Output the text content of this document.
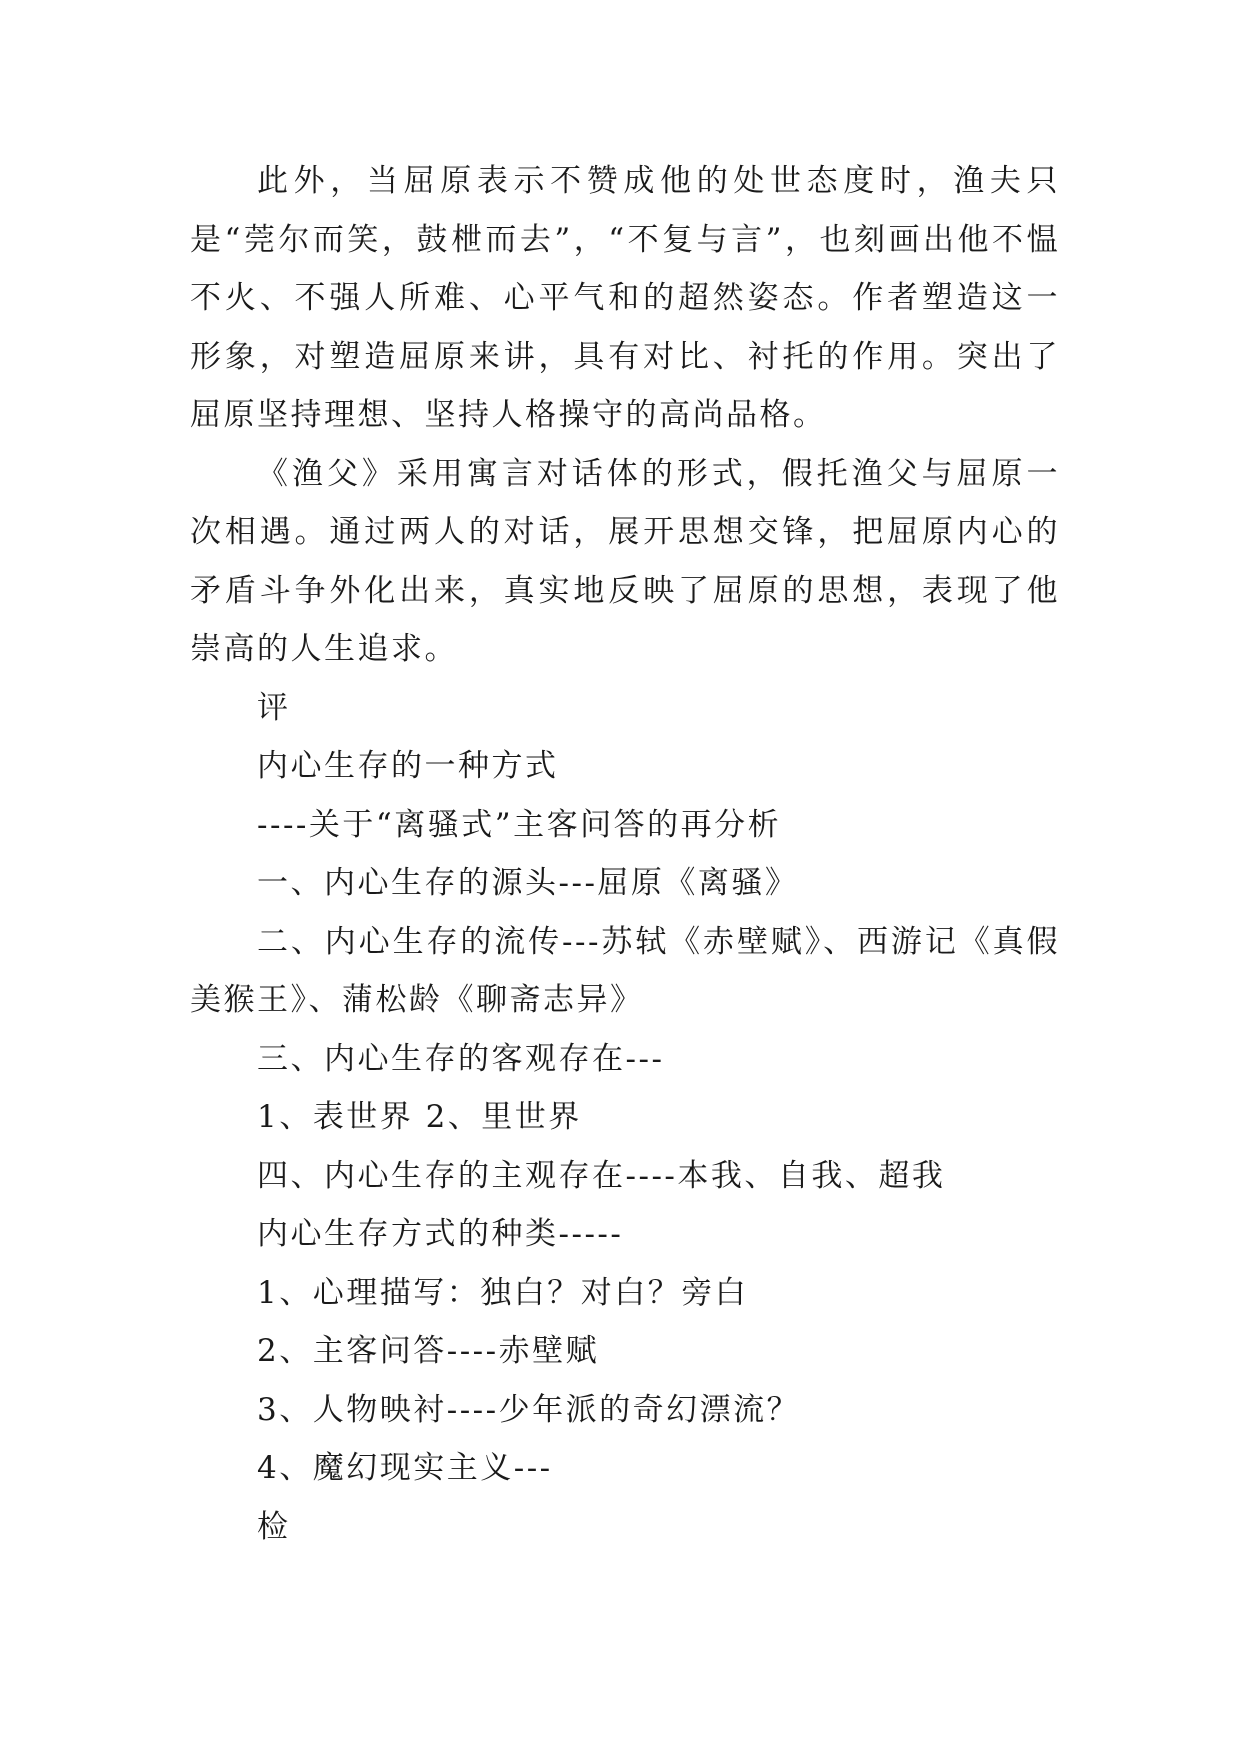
此外，当屈原表示不赞成他的处世态度时，渔夫只是“莞尔而笑，鼓枻而去”，“不复与言”，也刻画出他不愠不火、不强人所难、心平气和的超然姿态。作者塑造这一形象，对塑造屈原来讲，具有对比、衬托的作用。突出了屈原坚持理想、坚持人格操守的高尚品格。

《渔父》采用寓言对话体的形式，假托渔父与屈原一次相遇。通过两人的对话，展开思想交锋，把屈原内心的矛盾斗争外化出来，真实地反映了屈原的思想，表现了他崇高的人生追求。

评

内心生存的一种方式

----关于“离骚式”主客问答的再分析

一、内心生存的源头---屈原《离骚》

二、内心生存的流传---苏轼《赤壁赋》、西游记《真假美猴王》、蒲松龄《聊斋志异》

三、内心生存的客观存在---

1、表世界 2、里世界

四、内心生存的主观存在----本我、自我、超我

内心生存方式的种类-----

1、心理描写：独白？对白？旁白

2、主客问答----赤壁赋

3、人物映衬----少年派的奇幻漂流？

4、魔幻现实主义---

检
